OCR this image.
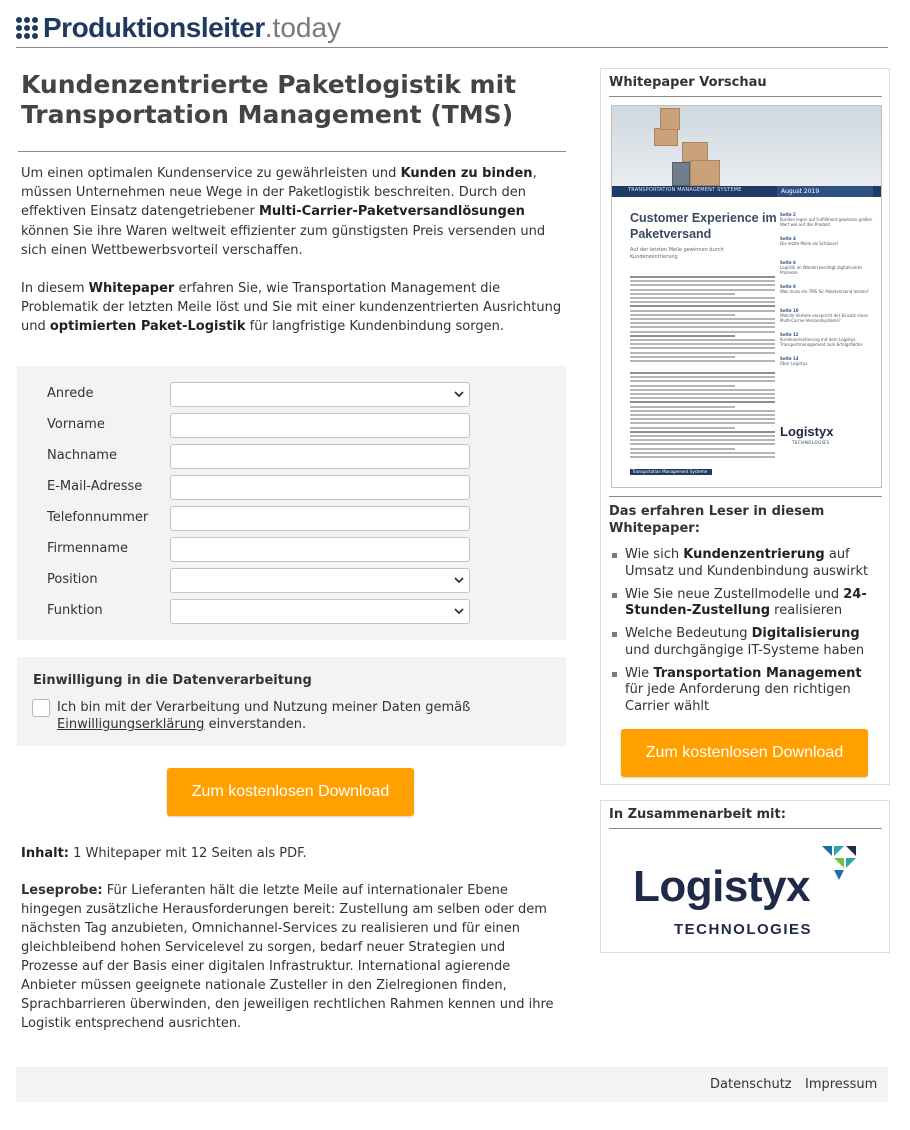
Produktionsleiter .today
Kundenzentrierte Paketlogistik mit Transportation Management (TMS)

Um einen optimalen Kundenservice zu gewährleisten und Kunden zu binden, müssen Unternehmen neue Wege in der Paketlogistik beschreiten. Durch den effektiven Einsatz datengetriebener Multi-Carrier-Paketversandlösungen können Sie ihre Waren weltweit effizienter zum günstigsten Preis versenden und sich einen Wettbewerbsvorteil verschaffen.

In diesem Whitepaper erfahren Sie, wie Transportation Management die Problematik der letzten Meile löst und Sie mit einer kundenzentrierten Ausrichtung und optimierten Paket-Logistik für langfristige Kundenbindung sorgen.

Anrede
Vorname
Nachname
E-Mail-Adresse
Telefonnummer
Firmenname
Position
Funktion
Einwilligung in die Datenverarbeitung
Ich bin mit der Verarbeitung und Nutzung meiner Daten gemäß Einwilligungserklärung einverstanden.
Zum kostenlosen Download
Inhalt: 1 Whitepaper mit 12 Seiten als PDF.
Leseprobe: Für Lieferanten hält die letzte Meile auf internationaler Ebene hingegen zusätzliche Herausforderungen bereit: Zustellung am selben oder dem nächsten Tag anzubieten, Omnichannel-Services zu realisieren und für einen gleichbleibend hohen Servicelevel zu sorgen, bedarf neuer Strategien und Prozesse auf der Basis einer digitalen Infrastruktur. International agierende Anbieter müssen geeignete nationale Zusteller in den Zielregionen finden, Sprachbarrieren überwinden, den jeweiligen rechtlichen Rahmen kennen und ihre Logistik entsprechend ausrichten.
Whitepaper Vorschau
TRANSPORTATION MANAGEMENT SYSTEME	August 2019
Customer Experience im Paketversand
Auf der letzten Meile gewinnen durch Kundenzentrierung
Seite 2
Kunden legen auf Fulfillment gewissen großen Wert wie auf das Produkt
Seite 4
Die letzte Meile als Schlüssel
Seite 6
Logistik im Wandel benötigt digitalisierte Prozesse
Seite 8
Was muss ein TMS für Paketversand leisten?
Seite 10
Welche Vorteile verspricht der Einsatz eines Multi-Carrier-Versandsystems?
Seite 12
Kundenorientierung mit dem Logistyx Transportmanagement zum Erfolgsfaktor
Seite 13
Über Logistyx
Logistyx
TECHNOLOGIES
Transportation Management Systeme
Das erfahren Leser in diesem Whitepaper:
Wie sich Kundenzentrierung auf Umsatz und Kundenbindung auswirkt
Wie Sie neue Zustellmodelle und 24-Stunden-Zustellung realisieren
Welche Bedeutung Digitalisierung und durchgängige IT-Systeme haben
Wie Transportation Management für jede Anforderung den richtigen Carrier wählt
Zum kostenlosen Download
In Zusammenarbeit mit:
Logistyx
TECHNOLOGIES
Datenschutz Impressum
